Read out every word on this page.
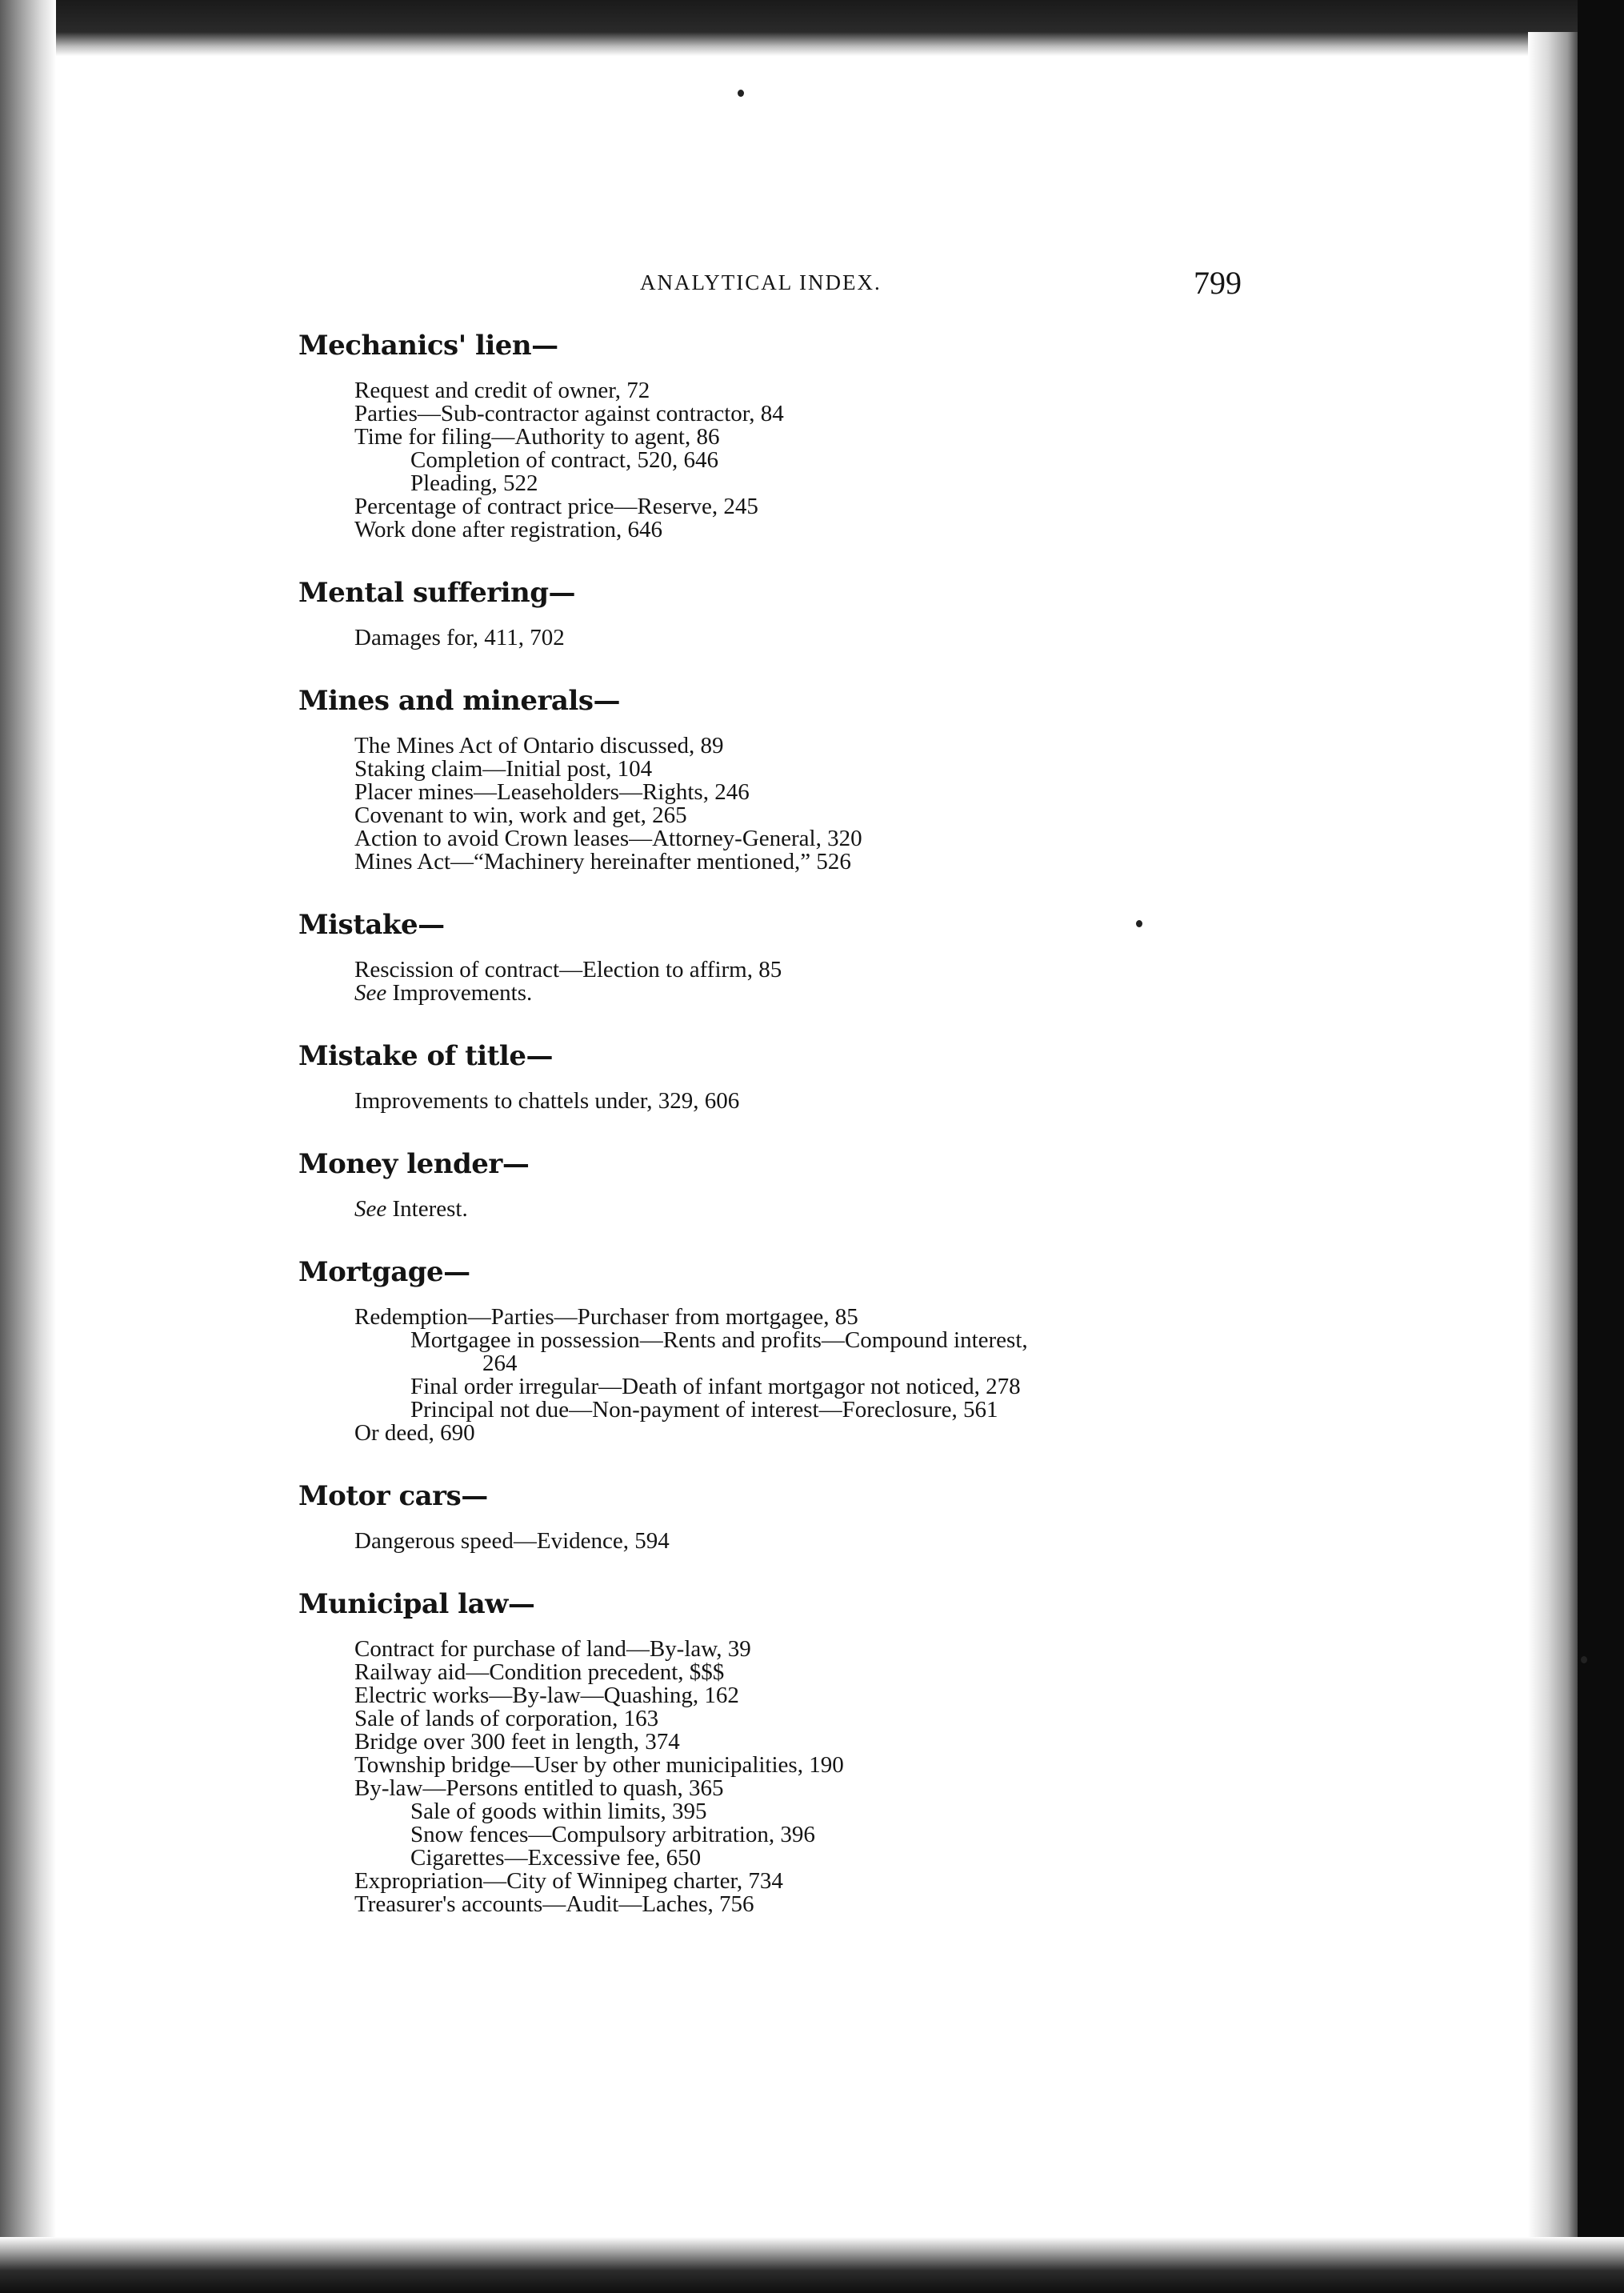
ANALYTICAL INDEX.	799
Mechanics' lien—
Request and credit of owner, 72
Parties—Sub-contractor against contractor, 84
Time for filing—Authority to agent, 86
Completion of contract, 520, 646
Pleading, 522
Percentage of contract price—Reserve, 245
Work done after registration, 646
Mental suffering—
Damages for, 411, 702
Mines and minerals—
The Mines Act of Ontario discussed, 89
Staking claim—Initial post, 104
Placer mines—Leaseholders—Rights, 246
Covenant to win, work and get, 265
Action to avoid Crown leases—Attorney-General, 320
Mines Act—“Machinery hereinafter mentioned,” 526
Mistake—
Rescission of contract—Election to affirm, 85
See Improvements.
Mistake of title—
Improvements to chattels under, 329, 606
Money lender—
See Interest.
Mortgage—
Redemption—Parties—Purchaser from mortgagee, 85
Mortgagee in possession—Rents and profits—Compound interest,
264
Final order irregular—Death of infant mortgagor not noticed, 278
Principal not due—Non-payment of interest—Foreclosure, 561
Or deed, 690
Motor cars—
Dangerous speed—Evidence, 594
Municipal law—
Contract for purchase of land—By-law, 39
Railway aid—Condition precedent, $$$
Electric works—By-law—Quashing, 162
Sale of lands of corporation, 163
Bridge over 300 feet in length, 374
Township bridge—User by other municipalities, 190
By-law—Persons entitled to quash, 365
Sale of goods within limits, 395
Snow fences—Compulsory arbitration, 396
Cigarettes—Excessive fee, 650
Expropriation—City of Winnipeg charter, 734
Treasurer's accounts—Audit—Laches, 756
